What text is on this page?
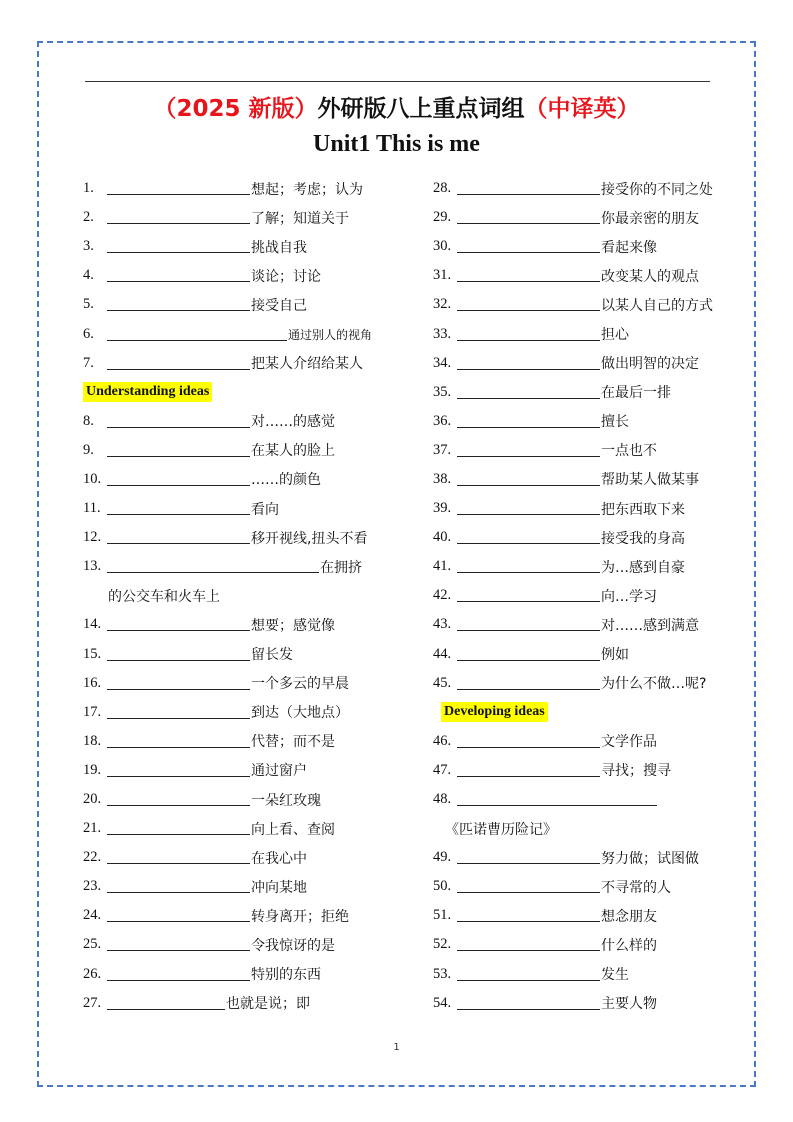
（2025 新版）外研版八上重点词组（中译英）
Unit1 This is me
1.	想起；考虑；认为
2.	了解；知道关于
3.	挑战自我
4.	谈论；讨论
5.	接受自己
6.	通过别人的视角
7.	把某人介绍给某人
Understanding ideas
8.	对……的感觉
9.	在某人的脸上
10.	……的颜色
11.	看向
12.	移开视线,扭头不看
13.	在拥挤
的公交车和火车上
14.	想要；感觉像
15.	留长发
16.	一个多云的早晨
17.	到达（大地点）
18.	代替；而不是
19.	通过窗户
20.	一朵红玫瑰
21.	向上看、查阅
22.	在我心中
23.	冲向某地
24.	转身离开；拒绝
25.	令我惊讶的是
26.	特别的东西
27.	也就是说；即
28.	接受你的不同之处
29.	你最亲密的朋友
30.	看起来像
31.	改变某人的观点
32.	以某人自己的方式
33.	担心
34.	做出明智的决定
35.	在最后一排
36.	擅长
37.	一点也不
38.	帮助某人做某事
39.	把东西取下来
40.	接受我的身高
41.	为…感到自豪
42.	向…学习
43.	对……感到满意
44.	例如
45.	为什么不做…呢?
Developing ideas
46.	文学作品
47.	寻找；搜寻
48.
《匹诺曹历险记》
49.	努力做；试图做
50.	不寻常的人
51.	想念朋友
52.	什么样的
53.	发生
54.	主要人物
1
